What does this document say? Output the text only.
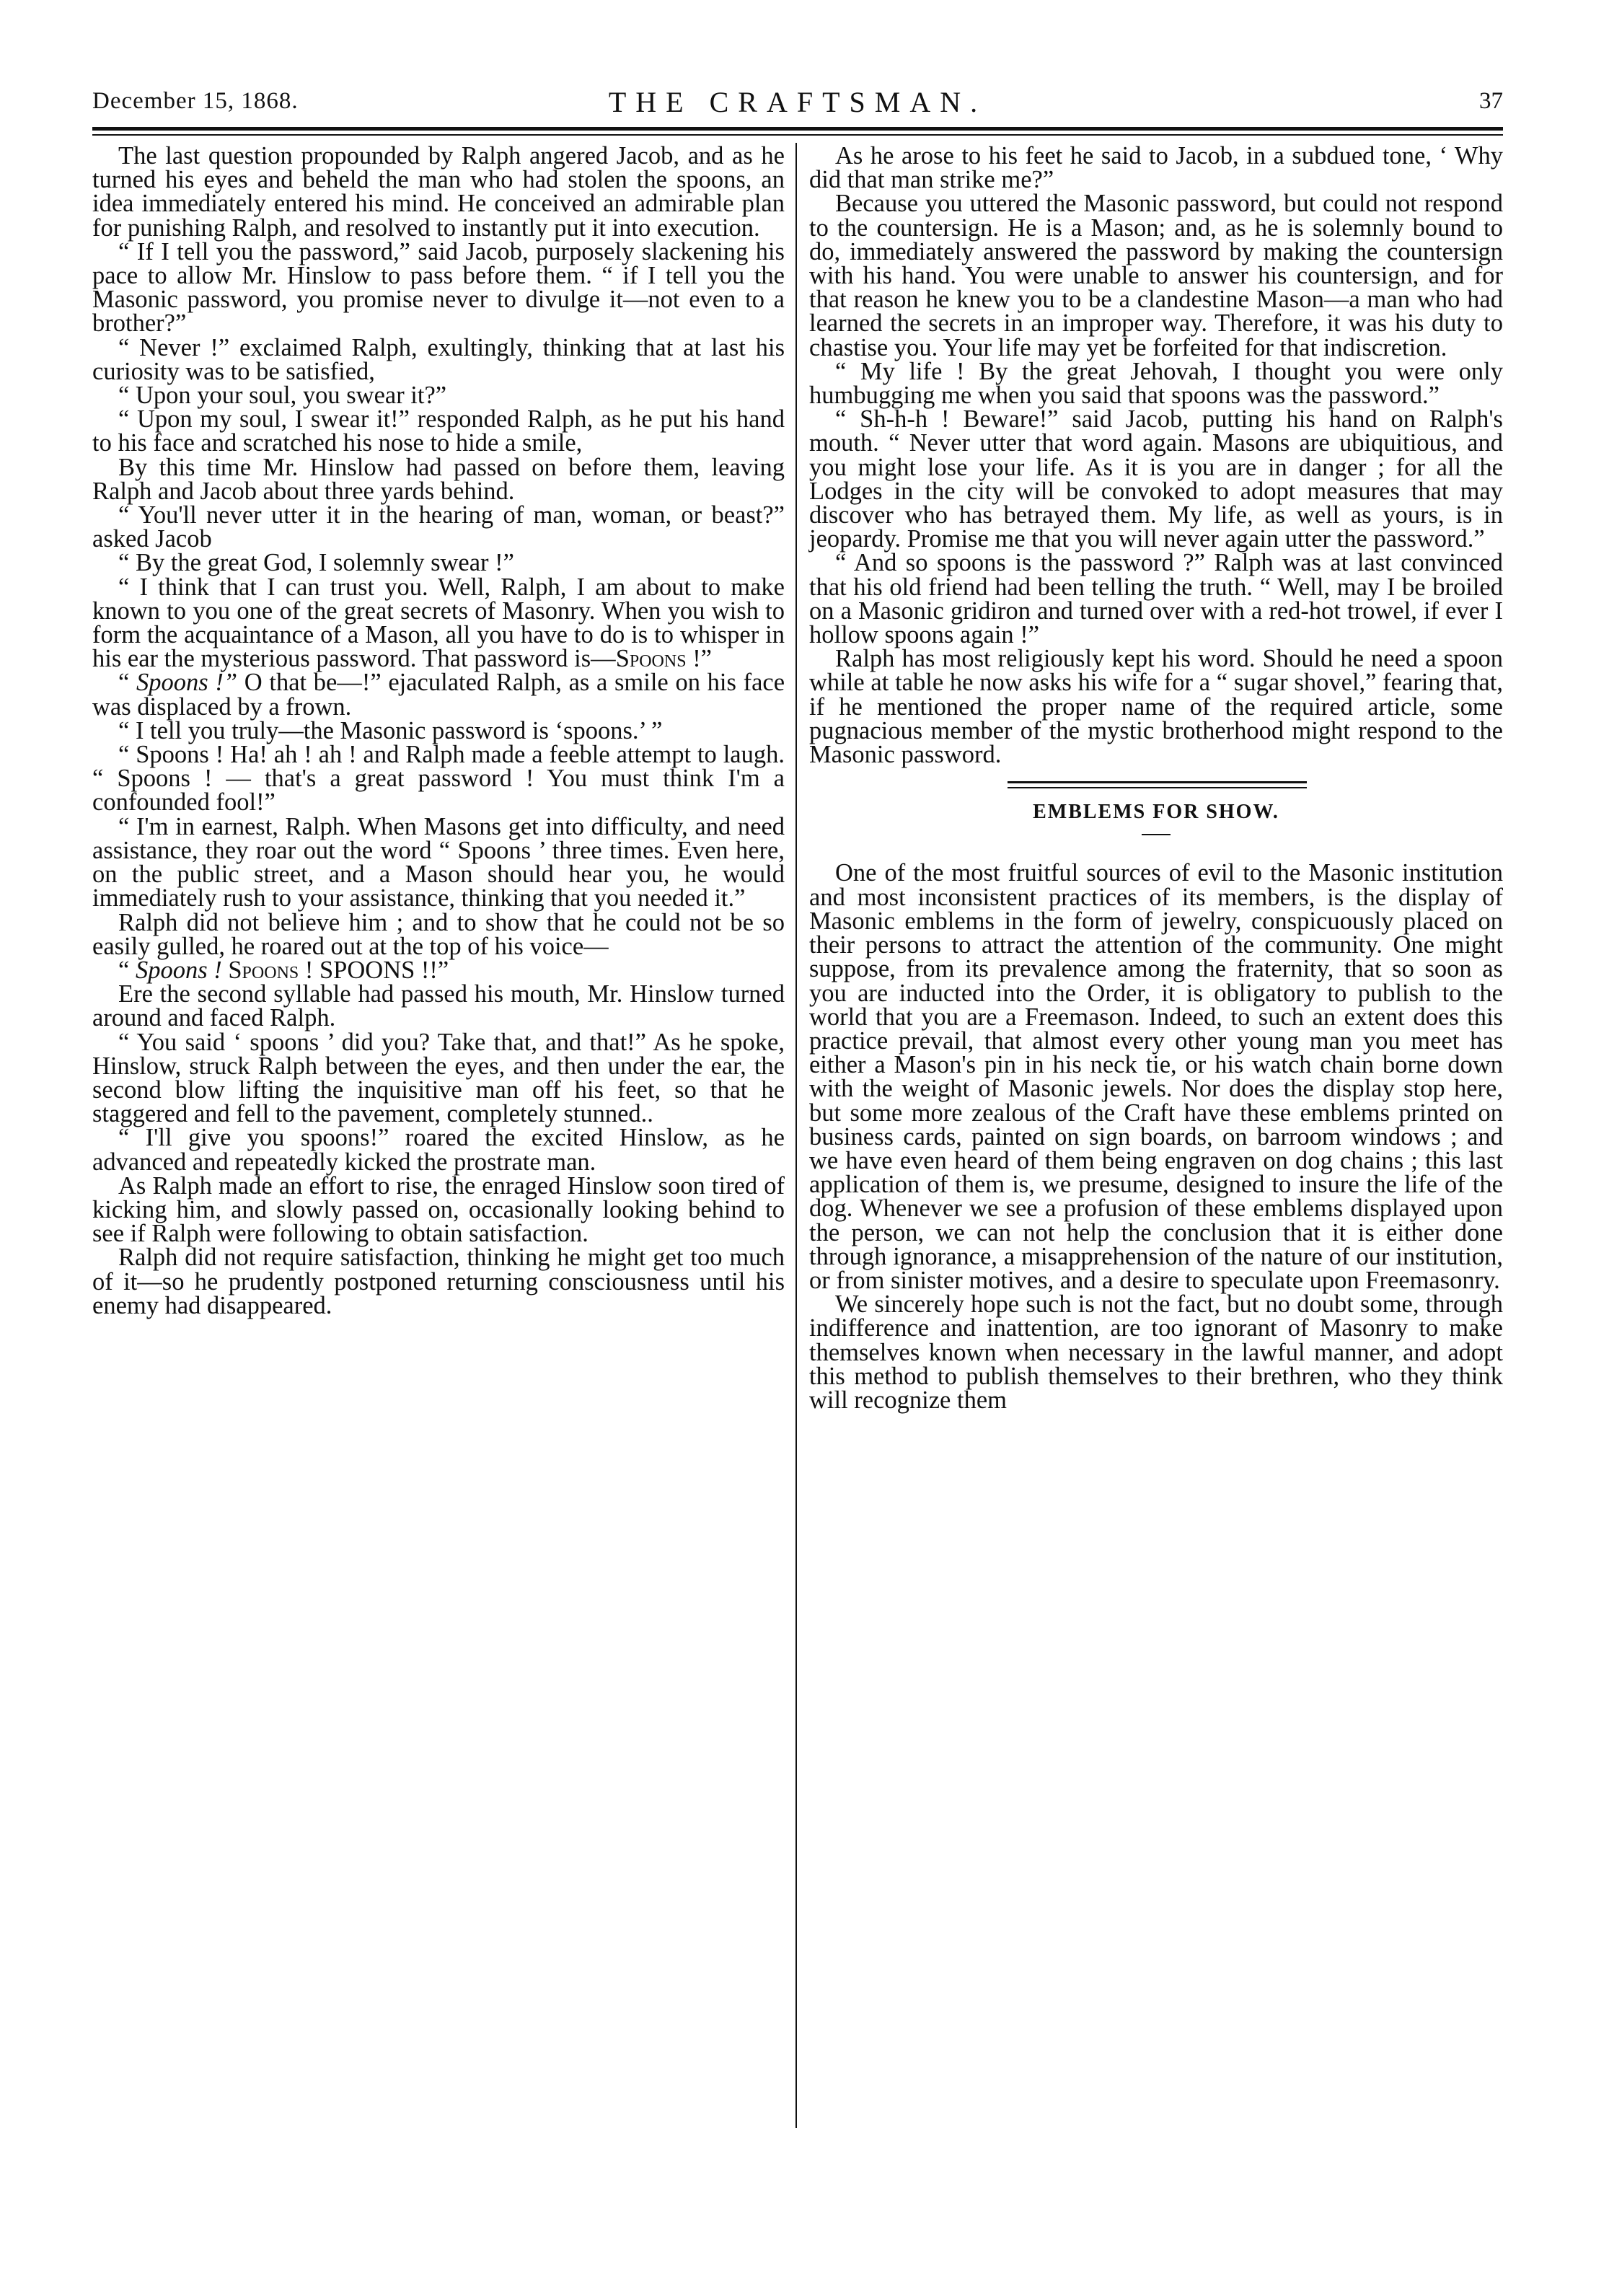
December 15, 1868.	THE CRAFTSMAN.	37

The last question propounded by Ralph angered Jacob, and as he turned his eyes and beheld the man who had stolen the spoons, an idea immediately entered his mind. He conceived an admirable plan for punishing Ralph, and resolved to instantly put it into execution.

“ If I tell you the password,” said Jacob, purposely slackening his pace to allow Mr. Hinslow to pass before them. “ if I tell you the Masonic password, you promise never to divulge it—not even to a brother?”

“ Never !” exclaimed Ralph, exultingly, thinking that at last his curiosity was to be satisfied,

“ Upon your soul, you swear it?”

“ Upon my soul, I swear it!” responded Ralph, as he put his hand to his face and scratched his nose to hide a smile,

By this time Mr. Hinslow had passed on before them, leaving Ralph and Jacob about three yards behind.

“ You'll never utter it in the hearing of man, woman, or beast?” asked Jacob

“ By the great God, I solemnly swear !”

“ I think that I can trust you. Well, Ralph, I am about to make known to you one of the great secrets of Masonry. When you wish to form the acquaintance of a Mason, all you have to do is to whisper in his ear the mysterious password. That password is—Spoons !”

“ Spoons !” O that be—!” ejaculated Ralph, as a smile on his face was displaced by a frown.

“ I tell you truly—the Masonic password is ‘spoons.’ ”

“ Spoons ! Ha! ah ! ah ! and Ralph made a feeble attempt to laugh. “ Spoons ! — that's a great password ! You must think I'm a confounded fool!”

“ I'm in earnest, Ralph. When Masons get into difficulty, and need assistance, they roar out the word “ Spoons ’ three times. Even here, on the public street, and a Mason should hear you, he would immediately rush to your assistance, thinking that you needed it.”

Ralph did not believe him ; and to show that he could not be so easily gulled, he roared out at the top of his voice—

“ Spoons ! Spoons ! SPOONS !!”

Ere the second syllable had passed his mouth, Mr. Hinslow turned around and faced Ralph.

“ You said ‘ spoons ’ did you? Take that, and that!” As he spoke, Hinslow, struck Ralph between the eyes, and then under the ear, the second blow lifting the inquisitive man off his feet, so that he staggered and fell to the pavement, completely stunned..

“ I'll give you spoons!” roared the excited Hinslow, as he advanced and repeatedly kicked the prostrate man.

As Ralph made an effort to rise, the enraged Hinslow soon tired of kicking him, and slowly passed on, occasionally looking behind to see if Ralph were following to obtain satisfaction.

Ralph did not require satisfaction, thinking he might get too much of it—so he prudently postponed returning consciousness until his enemy had disappeared.

As he arose to his feet he said to Jacob, in a subdued tone, ‘ Why did that man strike me?”

Because you uttered the Masonic password, but could not respond to the countersign. He is a Mason; and, as he is solemnly bound to do, immediately answered the password by making the countersign with his hand. You were unable to answer his countersign, and for that reason he knew you to be a clandestine Mason—a man who had learned the secrets in an improper way. Therefore, it was his duty to chastise you. Your life may yet be forfeited for that indiscretion.

“ My life ! By the great Jehovah, I thought you were only humbugging me when you said that spoons was the password.”

“ Sh-h-h ! Beware!” said Jacob, putting his hand on Ralph's mouth. “ Never utter that word again. Masons are ubiquitious, and you might lose your life. As it is you are in danger ; for all the Lodges in the city will be convoked to adopt measures that may discover who has betrayed them. My life, as well as yours, is in jeopardy. Promise me that you will never again utter the password.”

“ And so spoons is the password ?” Ralph was at last convinced that his old friend had been telling the truth. “ Well, may I be broiled on a Masonic gridiron and turned over with a red-hot trowel, if ever I hollow spoons again !”

Ralph has most religiously kept his word. Should he need a spoon while at table he now asks his wife for a “ sugar shovel,” fearing that, if he mentioned the proper name of the required article, some pugnacious member of the mystic brotherhood might respond to the Masonic password.

EMBLEMS FOR SHOW.

One of the most fruitful sources of evil to the Masonic institution and most inconsistent practices of its members, is the display of Masonic emblems in the form of jewelry, conspicuously placed on their persons to attract the attention of the community. One might suppose, from its prevalence among the fraternity, that so soon as you are inducted into the Order, it is obligatory to publish to the world that you are a Freemason. Indeed, to such an extent does this practice prevail, that almost every other young man you meet has either a Mason's pin in his neck tie, or his watch chain borne down with the weight of Masonic jewels. Nor does the display stop here, but some more zealous of the Craft have these emblems printed on business cards, painted on sign boards, on barroom windows ; and we have even heard of them being engraven on dog chains ; this last application of them is, we presume, designed to insure the life of the dog. Whenever we see a profusion of these emblems displayed upon the person, we can not help the conclusion that it is either done through ignorance, a misapprehension of the nature of our institution, or from sinister motives, and a desire to speculate upon Freemasonry.

We sincerely hope such is not the fact, but no doubt some, through indifference and inattention, are too ignorant of Masonry to make themselves known when necessary in the lawful manner, and adopt this method to publish themselves to their brethren, who they think will recognize them
